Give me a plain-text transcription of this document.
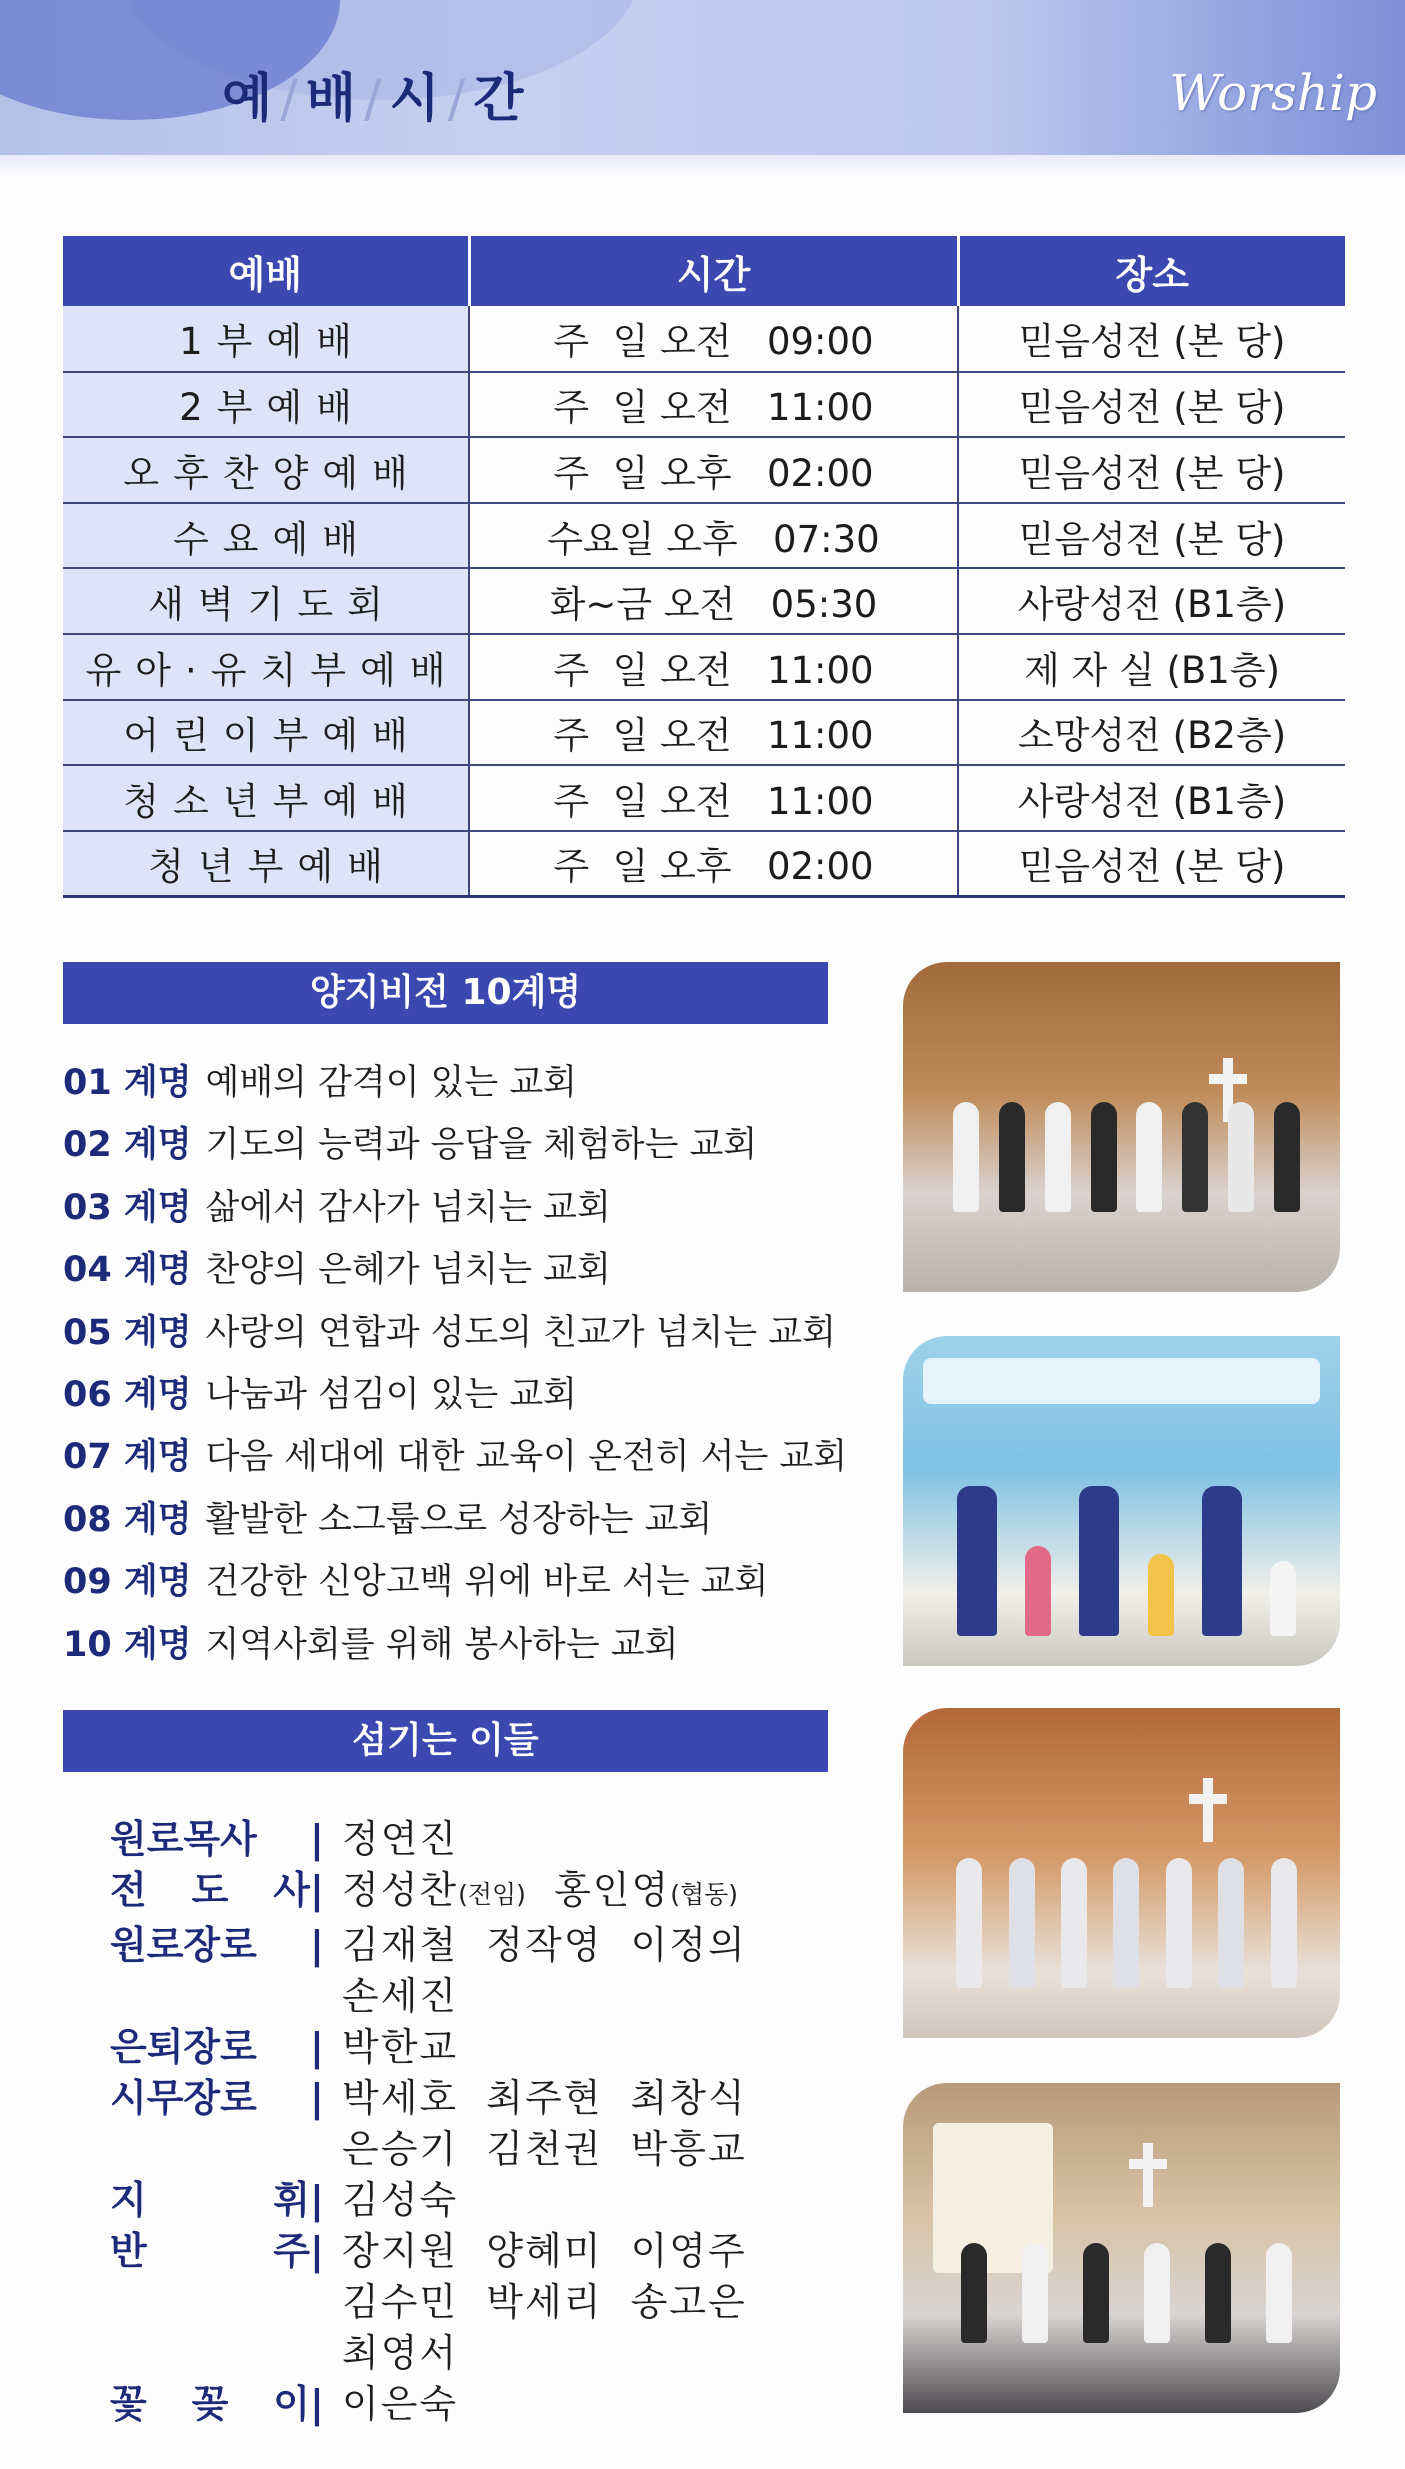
예/배/시/간	Worship
예배	시간	장소
1부예배	주  일 오전   09:00	믿음성전 (본 당)
2부예배	주  일 오전   11:00	믿음성전 (본 당)
오후찬양예배	주  일 오후   02:00	믿음성전 (본 당)
수요예배	수요일 오후   07:30	믿음성전 (본 당)
새벽기도회	화~금 오전   05:30	사랑성전 (B1층)
유아·유치부예배	주  일 오전   11:00	제 자 실 (B1층)
어린이부예배	주  일 오전   11:00	소망성전 (B2층)
청소년부예배	주  일 오전   11:00	사랑성전 (B1층)
청년부예배	주  일 오후   02:00	믿음성전 (본 당)
양지비전 10계명
01 계명 예배의 감격이 있는 교회
02 계명 기도의 능력과 응답을 체험하는 교회
03 계명 삶에서 감사가 넘치는 교회
04 계명 찬양의 은혜가 넘치는 교회
05 계명 사랑의 연합과 성도의 친교가 넘치는 교회
06 계명 나눔과 섬김이 있는 교회
07 계명 다음 세대에 대한 교육이 온전히 서는 교회
08 계명 활발한 소그룹으로 성장하는 교회
09 계명 건강한 신앙고백 위에 바로 서는 교회
10 계명 지역사회를 위해 봉사하는 교회
섬기는 이들
원로목사	| 정연진
전 도 사 | 정성찬(전임)  홍인영(협동)
원로장로	| 김재철  정작영  이정의
손세진
은퇴장로	| 박한교
시무장로	| 박세호  최주현  최창식
은승기  김천권  박흥교
지	휘 | 김성숙
반	주 | 장지원  양혜미  이영주
김수민  박세리  송고은
최영서
꽃 꽂 이 | 이은숙
